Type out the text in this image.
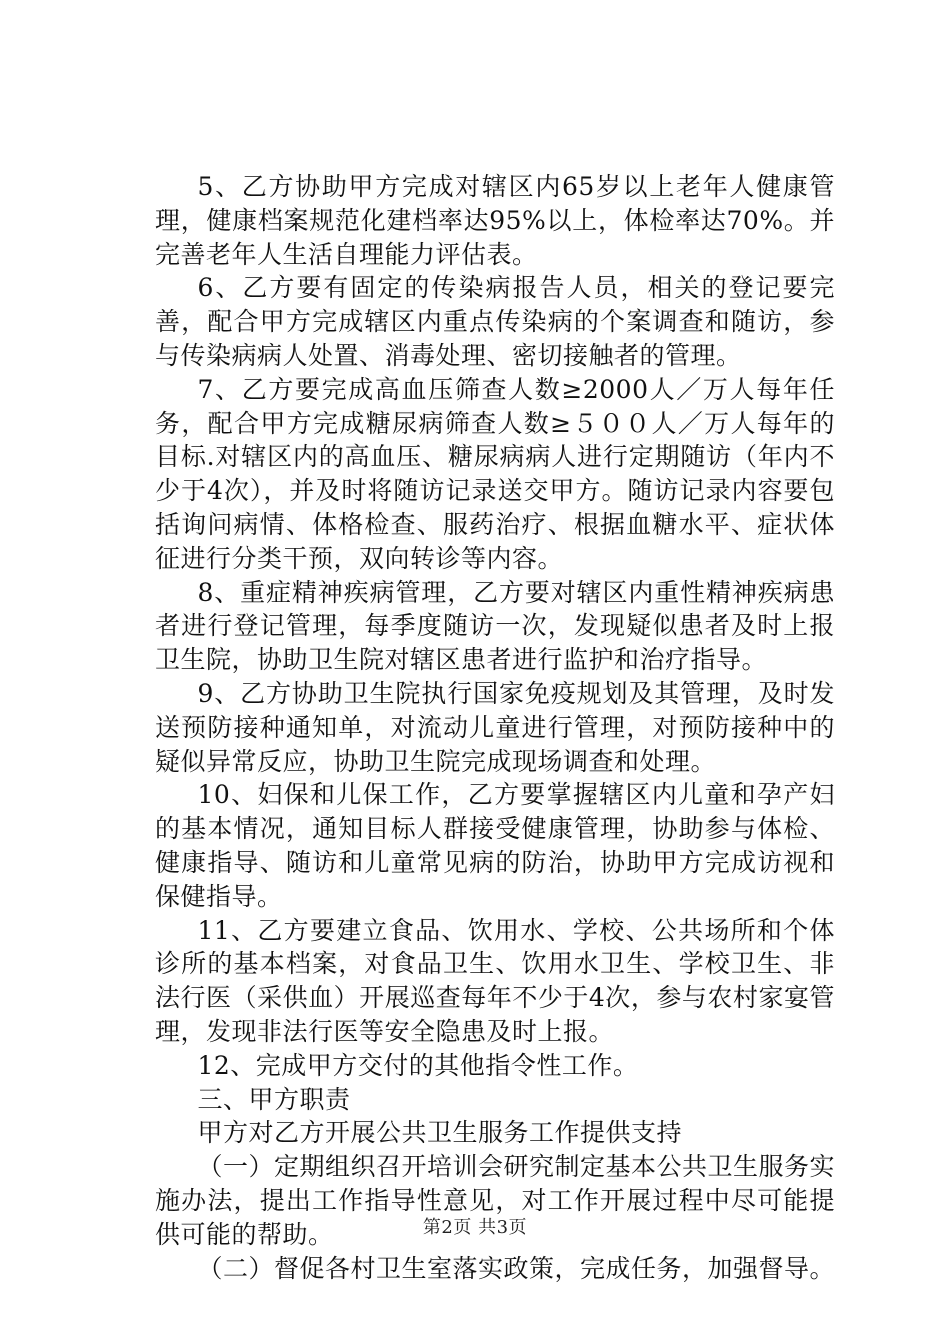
5、乙方协助甲方完成对辖区内65岁以上老年人健康管理，健康档案规范化建档率达95%以上，体检率达70%。并完善老年人生活自理能力评估表。

6、乙方要有固定的传染病报告人员，相关的登记要完善，配合甲方完成辖区内重点传染病的个案调查和随访，参与传染病病人处置、消毒处理、密切接触者的管理。

7、乙方要完成高血压筛查人数≥2000人／万人每年任务，配合甲方完成糖尿病筛查人数≥５００人／万人每年的目标.对辖区内的高血压、糖尿病病人进行定期随访（年内不少于4次），并及时将随访记录送交甲方。随访记录内容要包括询问病情、体格检查、服药治疗、根据血糖水平、症状体征进行分类干预，双向转诊等内容。

8、重症精神疾病管理，乙方要对辖区内重性精神疾病患者进行登记管理，每季度随访一次，发现疑似患者及时上报卫生院，协助卫生院对辖区患者进行监护和治疗指导。

9、乙方协助卫生院执行国家免疫规划及其管理，及时发送预防接种通知单，对流动儿童进行管理，对预防接种中的疑似异常反应，协助卫生院完成现场调查和处理。

10、妇保和儿保工作，乙方要掌握辖区内儿童和孕产妇的基本情况，通知目标人群接受健康管理，协助参与体检、健康指导、随访和儿童常见病的防治，协助甲方完成访视和保健指导。

11、乙方要建立食品、饮用水、学校、公共场所和个体诊所的基本档案，对食品卫生、饮用水卫生、学校卫生、非法行医（采供血）开展巡查每年不少于4次，参与农村家宴管理，发现非法行医等安全隐患及时上报。

12、完成甲方交付的其他指令性工作。

三、甲方职责

甲方对乙方开展公共卫生服务工作提供支持

（一）定期组织召开培训会研究制定基本公共卫生服务实施办法，提出工作指导性意见，对工作开展过程中尽可能提供可能的帮助。

（二）督促各村卫生室落实政策，完成任务，加强督导。

第2页 共3页
